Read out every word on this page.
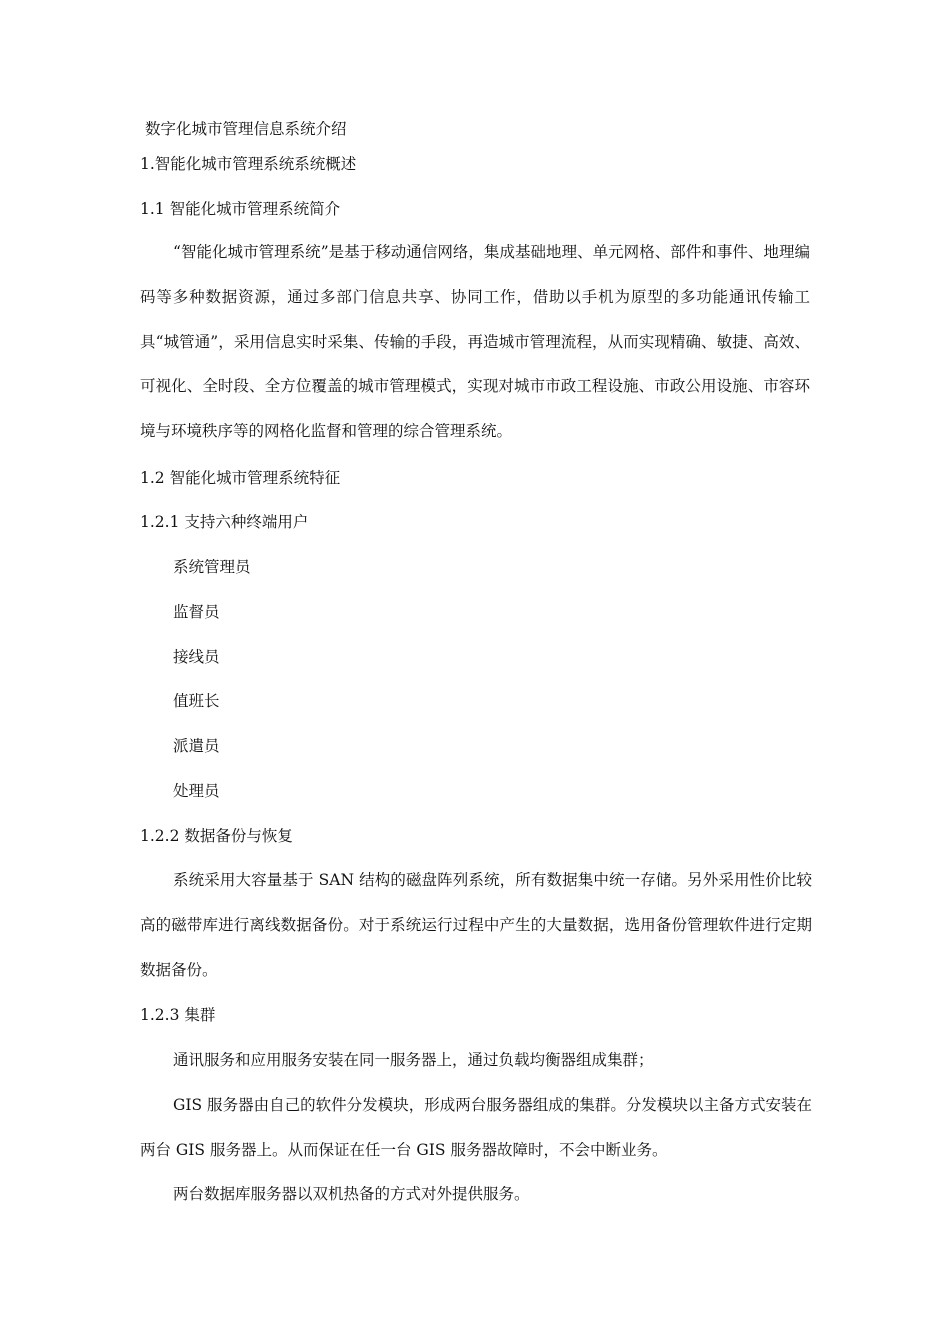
数字化城市管理信息系统介绍
1.智能化城市管理系统系统概述
1.1 智能化城市管理系统简介

“智能化城市管理系统”是基于移动通信网络，集成基础地理、单元网格、部件和事件、地理编码等多种数据资源，通过多部门信息共享、协同工作，借助以手机为原型的多功能通讯传输工具“城管通”，采用信息实时采集、传输的手段，再造城市管理流程，从而实现精确、敏捷、高效、可视化、全时段、全方位覆盖的城市管理模式，实现对城市市政工程设施、市政公用设施、市容环境与环境秩序等的网格化监督和管理的综合管理系统。

1.2 智能化城市管理系统特征
1.2.1 支持六种终端用户
系统管理员
监督员
接线员
值班长
派遣员
处理员
1.2.2 数据备份与恢复

系统采用大容量基于 SAN 结构的磁盘阵列系统，所有数据集中统一存储。另外采用性价比较高的磁带库进行离线数据备份。对于系统运行过程中产生的大量数据，选用备份管理软件进行定期数据备份。

1.2.3 集群
通讯服务和应用服务安装在同一服务器上，通过负载均衡器组成集群；

GIS 服务器由自己的软件分发模块，形成两台服务器组成的集群。分发模块以主备方式安装在两台 GIS 服务器上。从而保证在任一台 GIS 服务器故障时，不会中断业务。

两台数据库服务器以双机热备的方式对外提供服务。
